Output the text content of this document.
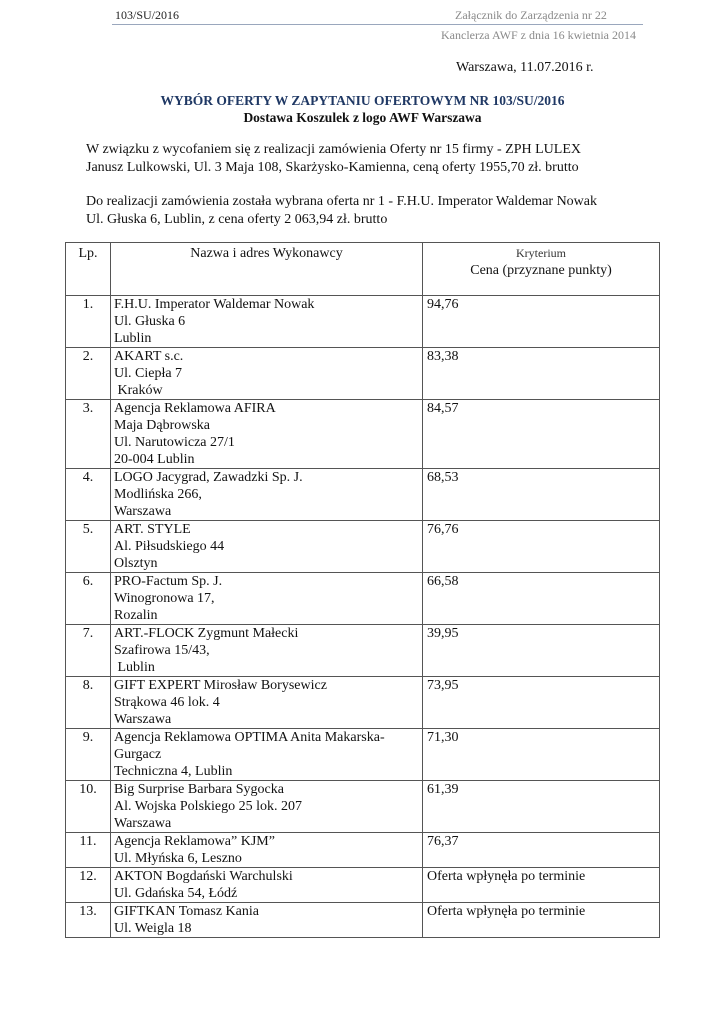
103/SU/2016	Załącznik do Zarządzenia nr 22
Kanclerza AWF z dnia 16 kwietnia 2014
Warszawa, 11.07.2016 r.
WYBÓR OFERTY W ZAPYTANIU OFERTOWYM NR 103/SU/2016
Dostawa Koszulek z logo AWF Warszawa
W związku z wycofaniem się z realizacji zamówienia Oferty nr 15 firmy - ZPH LULEX
Janusz Lulkowski, Ul. 3 Maja 108, Skarżysko-Kamienna, ceną oferty 1955,70 zł. brutto
Do realizacji zamówienia została wybrana oferta nr 1 - F.H.U. Imperator Waldemar Nowak
Ul. Głuska 6, Lublin, z cena oferty 2 063,94 zł. brutto
Lp.	Nazwa i adres Wykonawcy	Kryterium
Cena (przyznane punkty)

1.	F.H.U. Imperator Waldemar Nowak
Ul. Głuska 6
Lublin	94,76
2.	AKART s.c.
Ul. Ciepła 7
Kraków	83,38
3.	Agencja Reklamowa AFIRA
Maja Dąbrowska
Ul. Narutowicza 27/1
20-004 Lublin	84,57
4.	LOGO Jacygrad, Zawadzki Sp. J.
Modlińska 266,
Warszawa	68,53
5.	ART. STYLE
Al. Piłsudskiego 44
Olsztyn	76,76
6.	PRO-Factum Sp. J.
Winogronowa 17,
Rozalin	66,58
7.	ART.-FLOCK Zygmunt Małecki
Szafirowa 15/43,
Lublin	39,95
8.	GIFT EXPERT Mirosław Borysewicz
Strąkowa 46 lok. 4
Warszawa	73,95
9.	Agencja Reklamowa OPTIMA Anita Makarska-
Gurgacz
Techniczna 4, Lublin	71,30
10.	Big Surprise Barbara Sygocka
Al. Wojska Polskiego 25 lok. 207
Warszawa	61,39
11.	Agencja Reklamowa” KJM”
Ul. Młyńska 6, Leszno	76,37
12.	AKTON Bogdański Warchulski
Ul. Gdańska 54, Łódź	Oferta wpłynęła po terminie
13.	GIFTKAN Tomasz Kania
Ul. Weigla 18	Oferta wpłynęła po terminie
